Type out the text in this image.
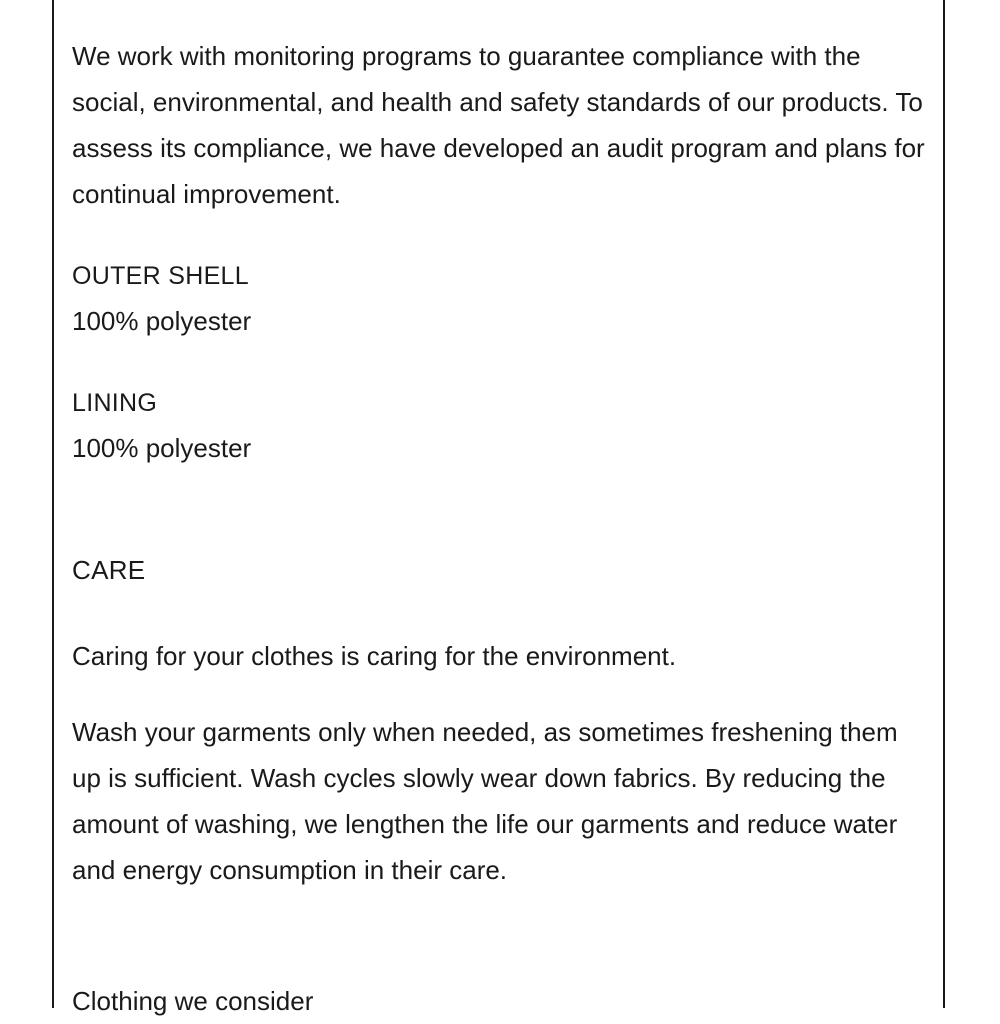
We work with monitoring programs to guarantee compliance with the social, environmental, and health and safety standards of our products. To assess its compliance, we have developed an audit program and plans for continual improvement.

OUTER SHELL

100% polyester

LINING

100% polyester

CARE

Caring for your clothes is caring for the environment.

Wash your garments only when needed, as sometimes freshening them up is sufficient. Wash cycles slowly wear down fabrics. By reducing the amount of washing, we lengthen the life our garments and reduce water and energy consumption in their care.

Clothing we consider
